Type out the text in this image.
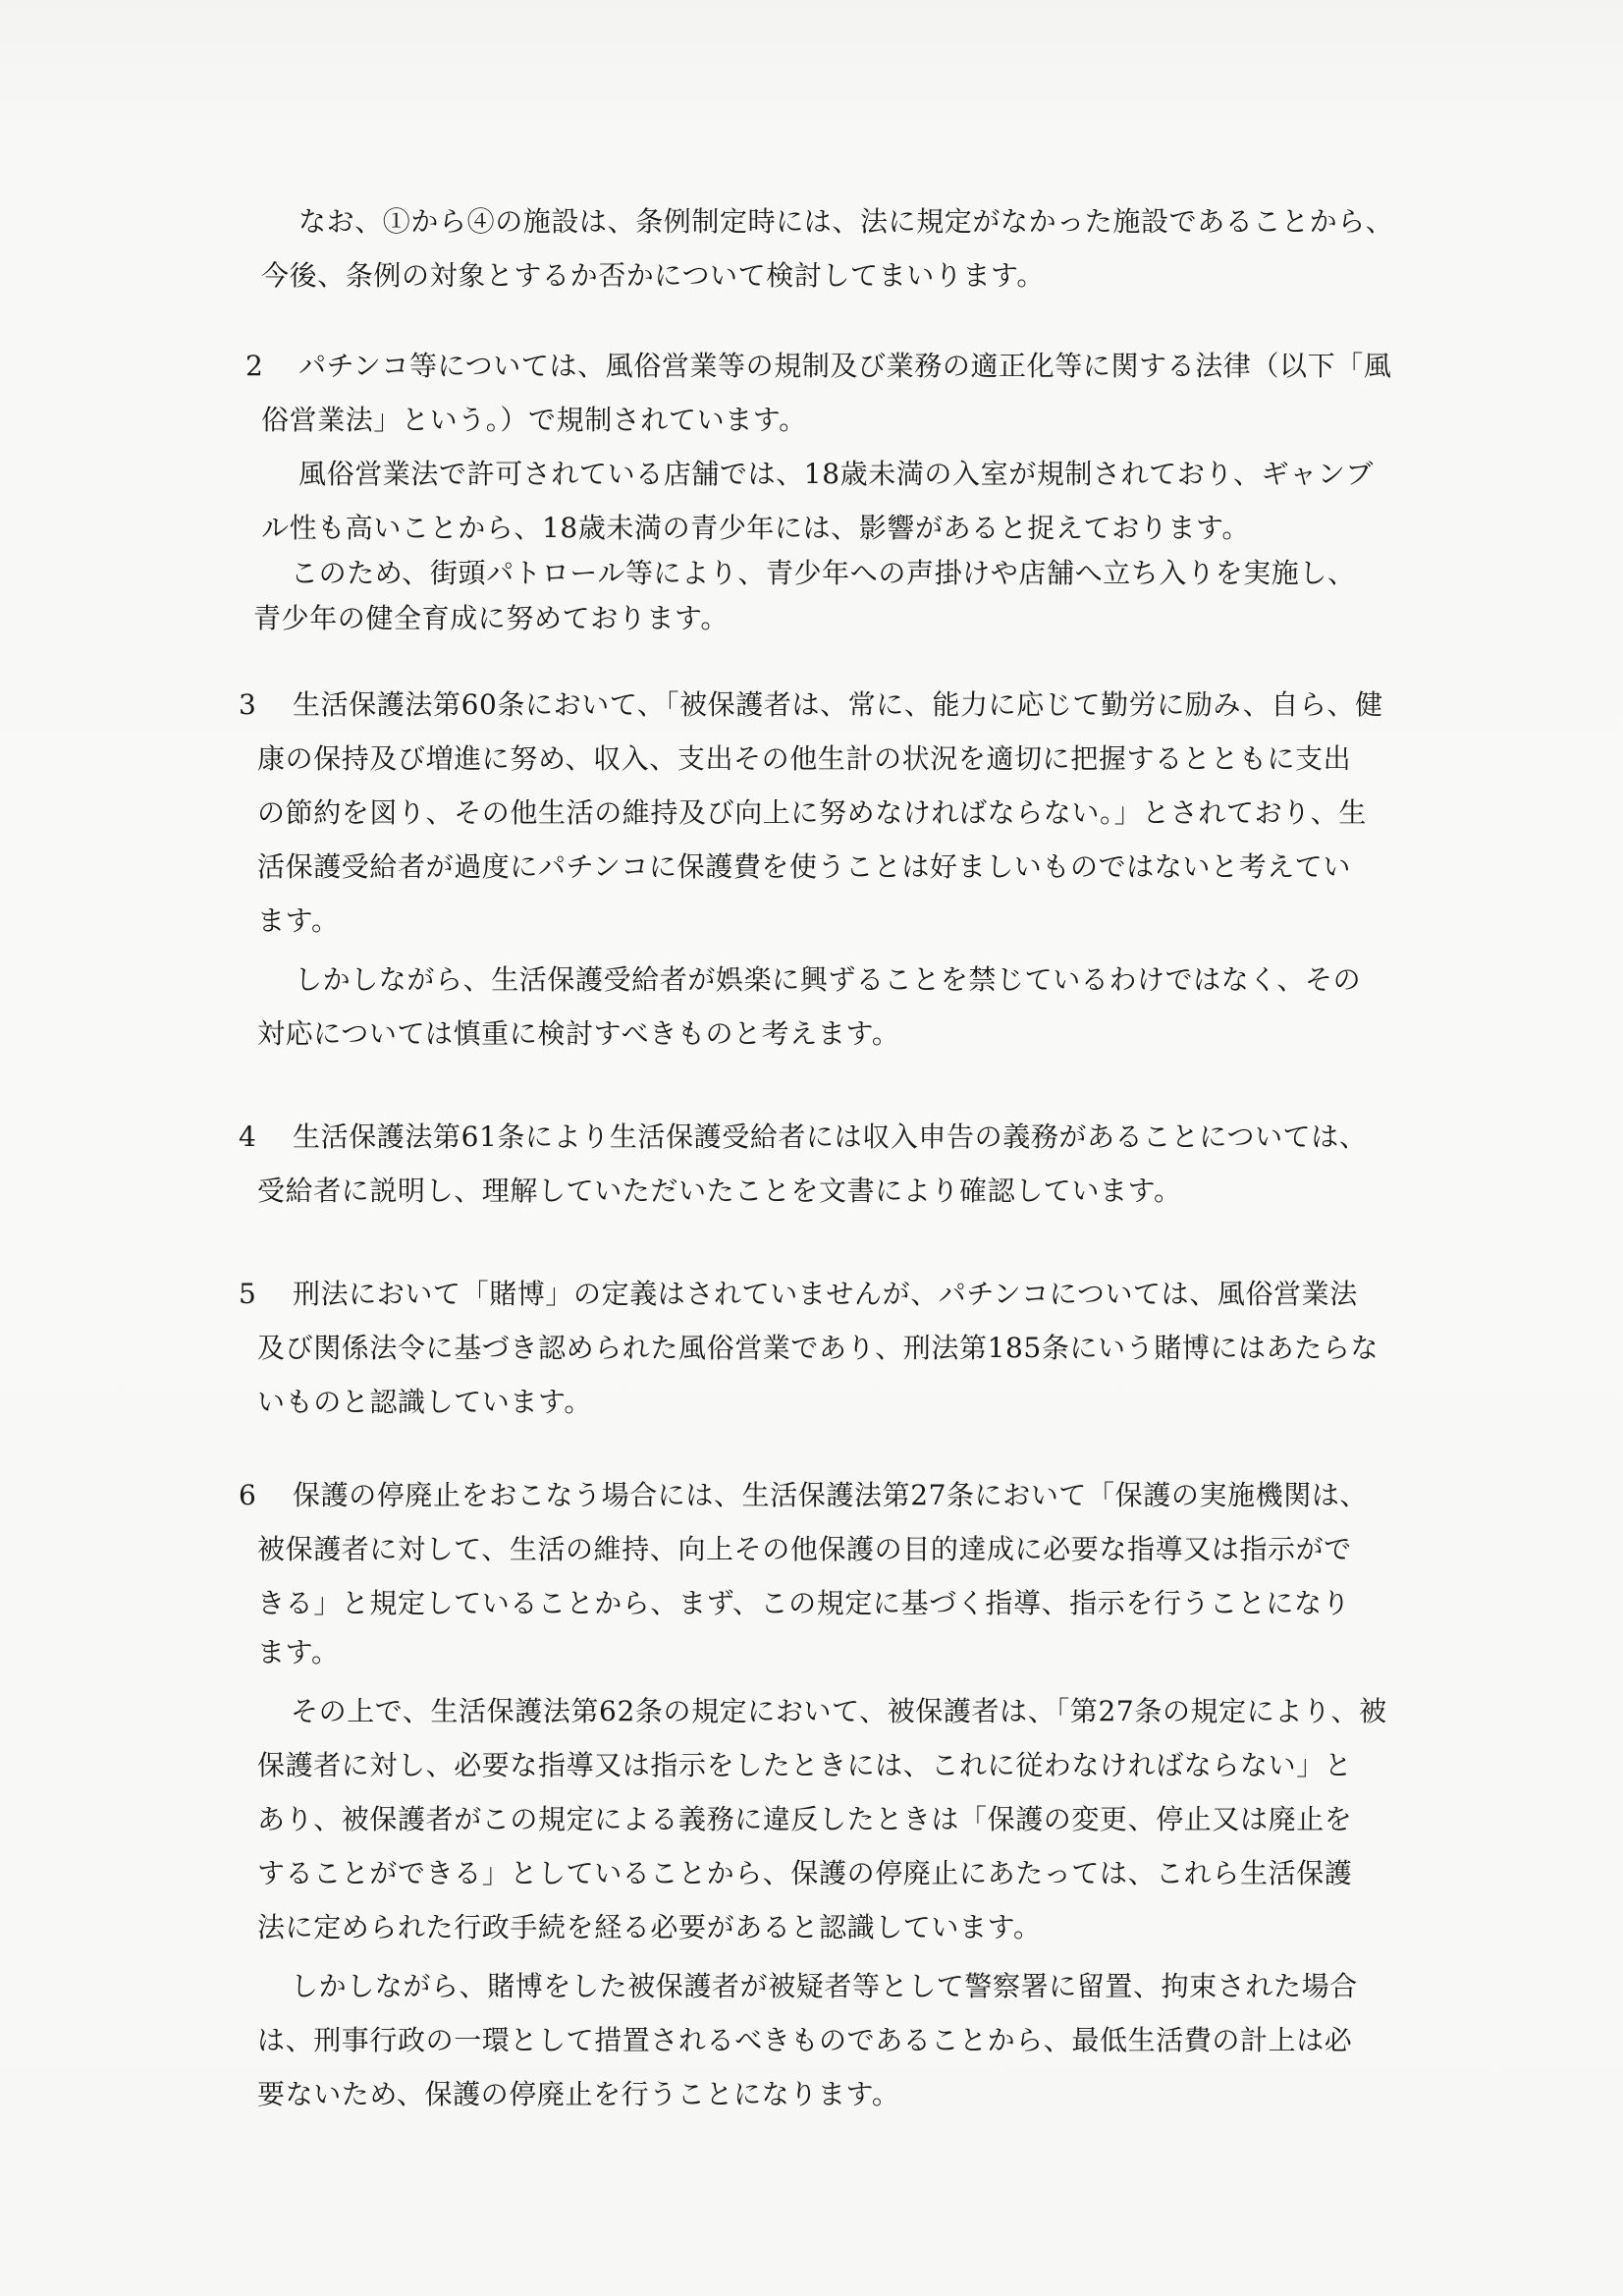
なお、①から④の施設は、条例制定時には、法に規定がなかった施設であることから、
今後、条例の対象とするか否かについて検討してまいります。
2 パチンコ等については、風俗営業等の規制及び業務の適正化等に関する法律（以下「風
俗営業法」という。）で規制されています。
風俗営業法で許可されている店舗では、18歳未満の入室が規制されており、ギャンブ
ル性も高いことから、18歳未満の青少年には、影響があると捉えております。
このため、街頭パトロール等により、青少年への声掛けや店舗へ立ち入りを実施し、
青少年の健全育成に努めております。
3 生活保護法第60条において、「被保護者は、常に、能力に応じて勤労に励み、自ら、健
康の保持及び増進に努め、収入、支出その他生計の状況を適切に把握するとともに支出
の節約を図り、その他生活の維持及び向上に努めなければならない。」とされており、生
活保護受給者が過度にパチンコに保護費を使うことは好ましいものではないと考えてい
ます。
しかしながら、生活保護受給者が娯楽に興ずることを禁じているわけではなく、その
対応については慎重に検討すべきものと考えます。
4 生活保護法第61条により生活保護受給者には収入申告の義務があることについては、
受給者に説明し、理解していただいたことを文書により確認しています。
5 刑法において「賭博」の定義はされていませんが、パチンコについては、風俗営業法
及び関係法令に基づき認められた風俗営業であり、刑法第185条にいう賭博にはあたらな
いものと認識しています。
6 保護の停廃止をおこなう場合には、生活保護法第27条において「保護の実施機関は、
被保護者に対して、生活の維持、向上その他保護の目的達成に必要な指導又は指示がで
きる」と規定していることから、まず、この規定に基づく指導、指示を行うことになり
ます。
その上で、生活保護法第62条の規定において、被保護者は、「第27条の規定により、被
保護者に対し、必要な指導又は指示をしたときには、これに従わなければならない」と
あり、被保護者がこの規定による義務に違反したときは「保護の変更、停止又は廃止を
することができる」としていることから、保護の停廃止にあたっては、これら生活保護
法に定められた行政手続を経る必要があると認識しています。
しかしながら、賭博をした被保護者が被疑者等として警察署に留置、拘束された場合
は、刑事行政の一環として措置されるべきものであることから、最低生活費の計上は必
要ないため、保護の停廃止を行うことになります。
